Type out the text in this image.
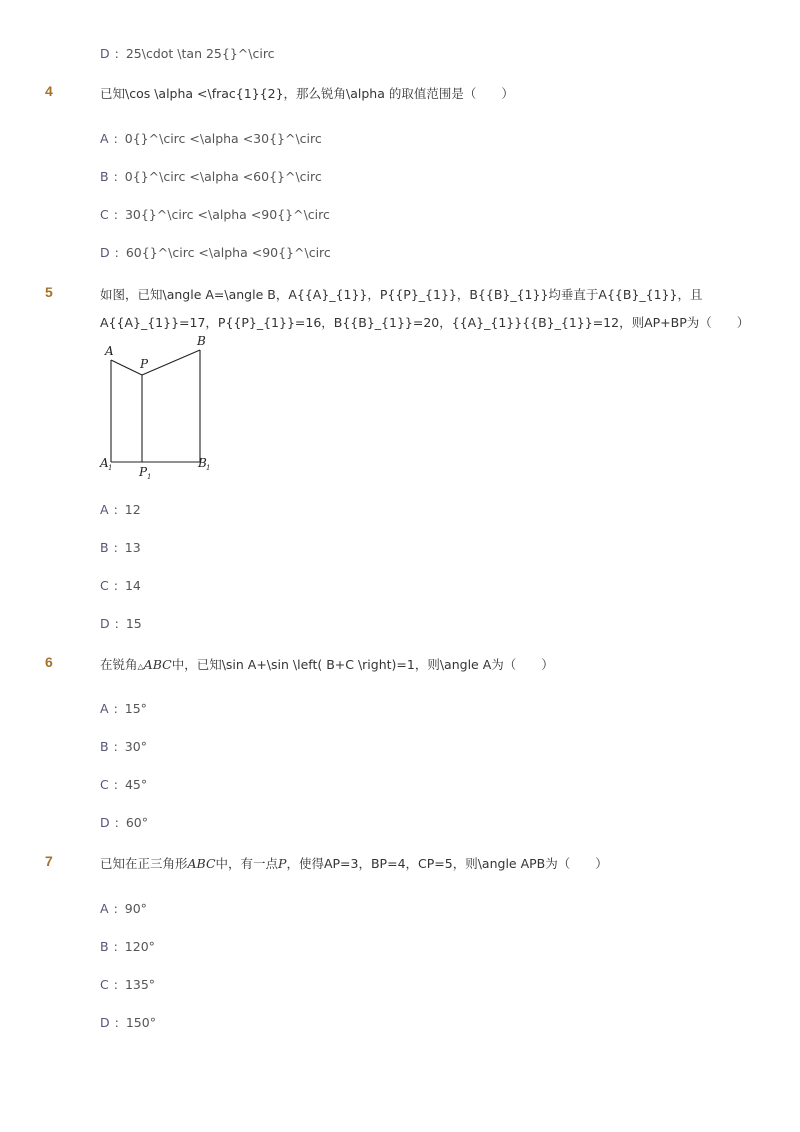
D : 25\cdot \tan 25{}^\circ
4	已知\cos \alpha <\frac{1}{2}，那么锐角\alpha 的取值范围是（　　）
A : 0{}^\circ <\alpha <30{}^\circ
B : 0{}^\circ <\alpha <60{}^\circ
C : 30{}^\circ <\alpha <90{}^\circ
D : 60{}^\circ <\alpha <90{}^\circ
5	如图，已知\angle A=\angle B，A{{A}_{1}}，P{{P}_{1}}，B{{B}_{1}}均垂直于A{{B}_{1}}，且
A{{A}_{1}}=17，P{{P}_{1}}=16，B{{B}_{1}}=20，{{A}_{1}}{{B}_{1}}=12，则AP+BP为（　　）
A
P
B
A 1 P 1
B 1
A : 12
B : 13
C : 14
D : 15
6	在锐角△ABC中，已知\sin A+\sin \left( B+C \right)=1，则\angle A为（　　）
A : 15°
B : 30°
C : 45°
D : 60°
7	已知在正三角形ABC中，有一点P，使得AP=3，BP=4，CP=5，则\angle APB为（　　）
A : 90°
B : 120°
C : 135°
D : 150°
